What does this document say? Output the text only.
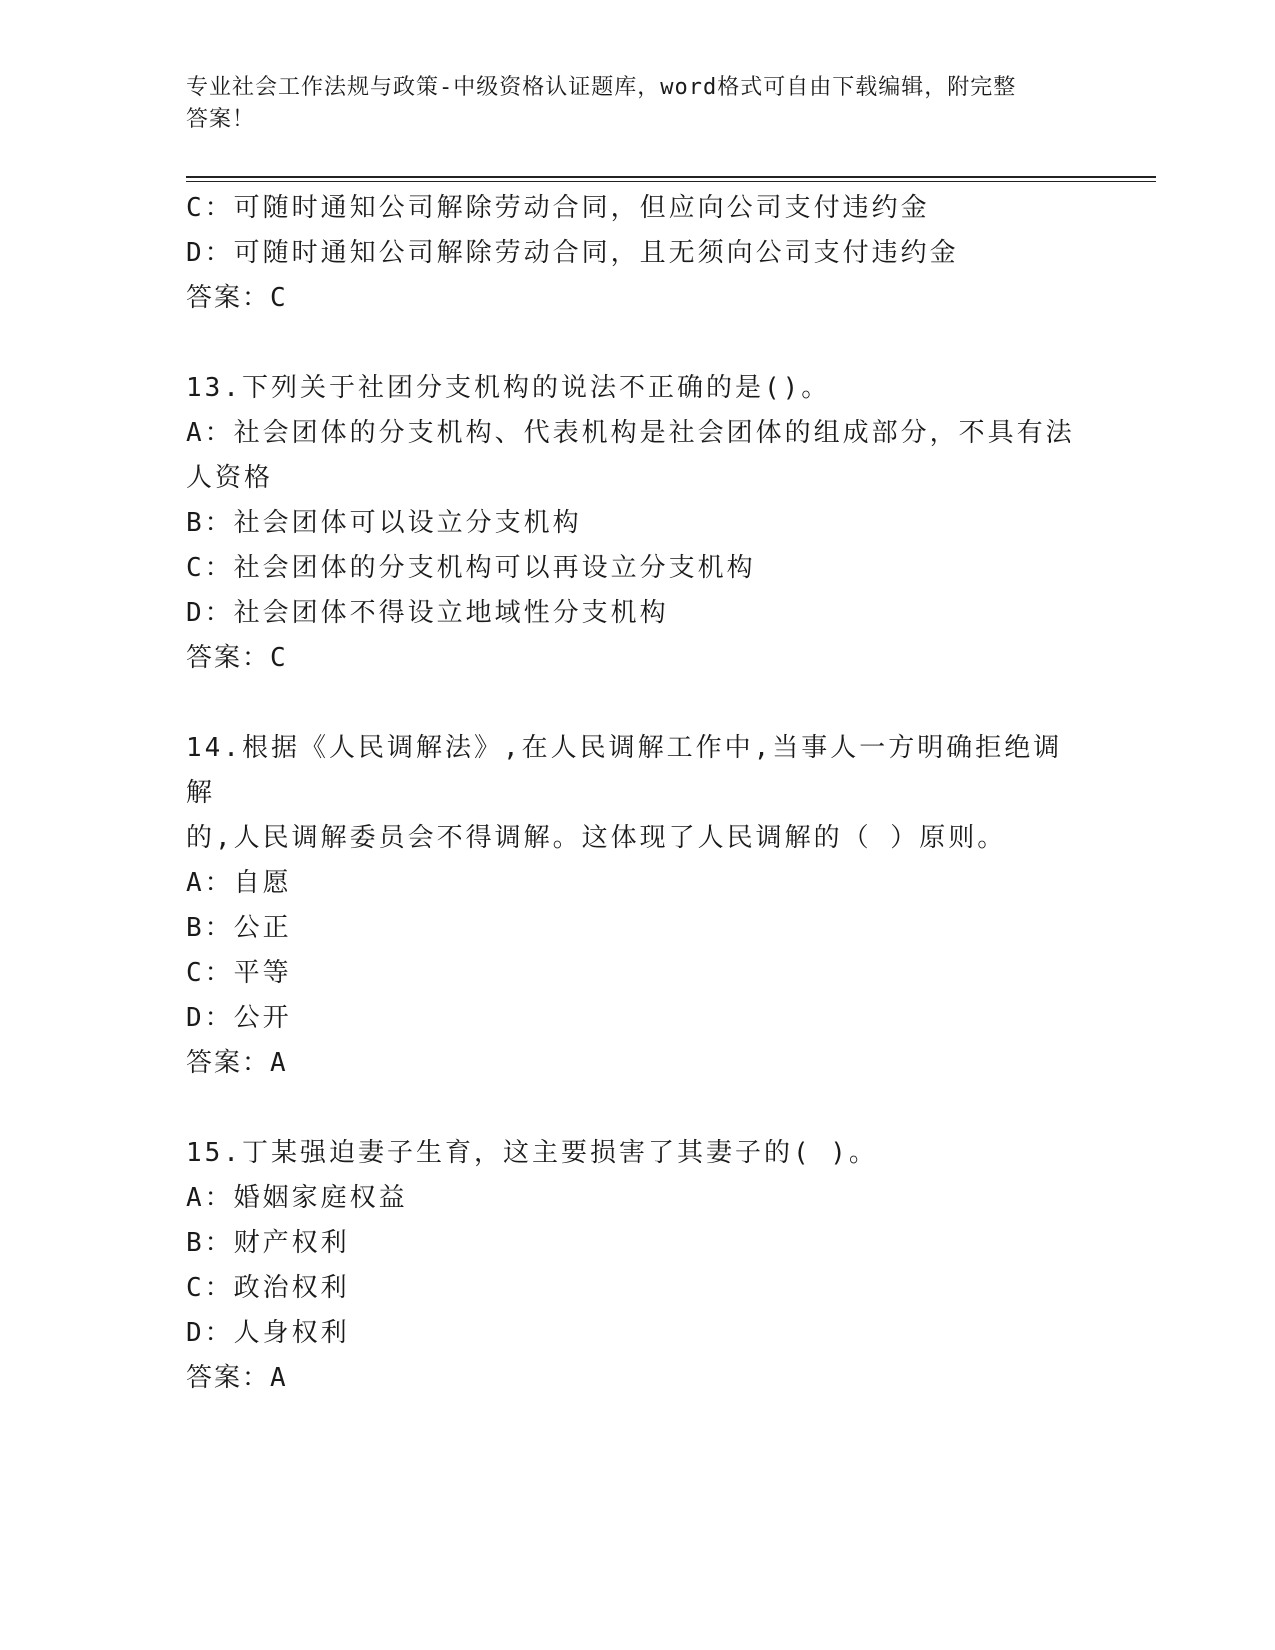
专业社会工作法规与政策-中级资格认证题库，word格式可自由下载编辑，附完整
答案！
C：可随时通知公司解除劳动合同，但应向公司支付违约金
D：可随时通知公司解除劳动合同，且无须向公司支付违约金
答案：C
13.下列关于社团分支机构的说法不正确的是()。
A：社会团体的分支机构、代表机构是社会团体的组成部分，不具有法
人资格
B：社会团体可以设立分支机构
C：社会团体的分支机构可以再设立分支机构
D：社会团体不得设立地域性分支机构
答案：C
14.根据《人民调解法》,在人民调解工作中,当事人一方明确拒绝调解
的,人民调解委员会不得调解。这体现了人民调解的（ ）原则。
A：自愿
B：公正
C：平等
D：公开
答案：A
15.丁某强迫妻子生育，这主要损害了其妻子的( )。
A：婚姻家庭权益
B：财产权利
C：政治权利
D：人身权利
答案：A
